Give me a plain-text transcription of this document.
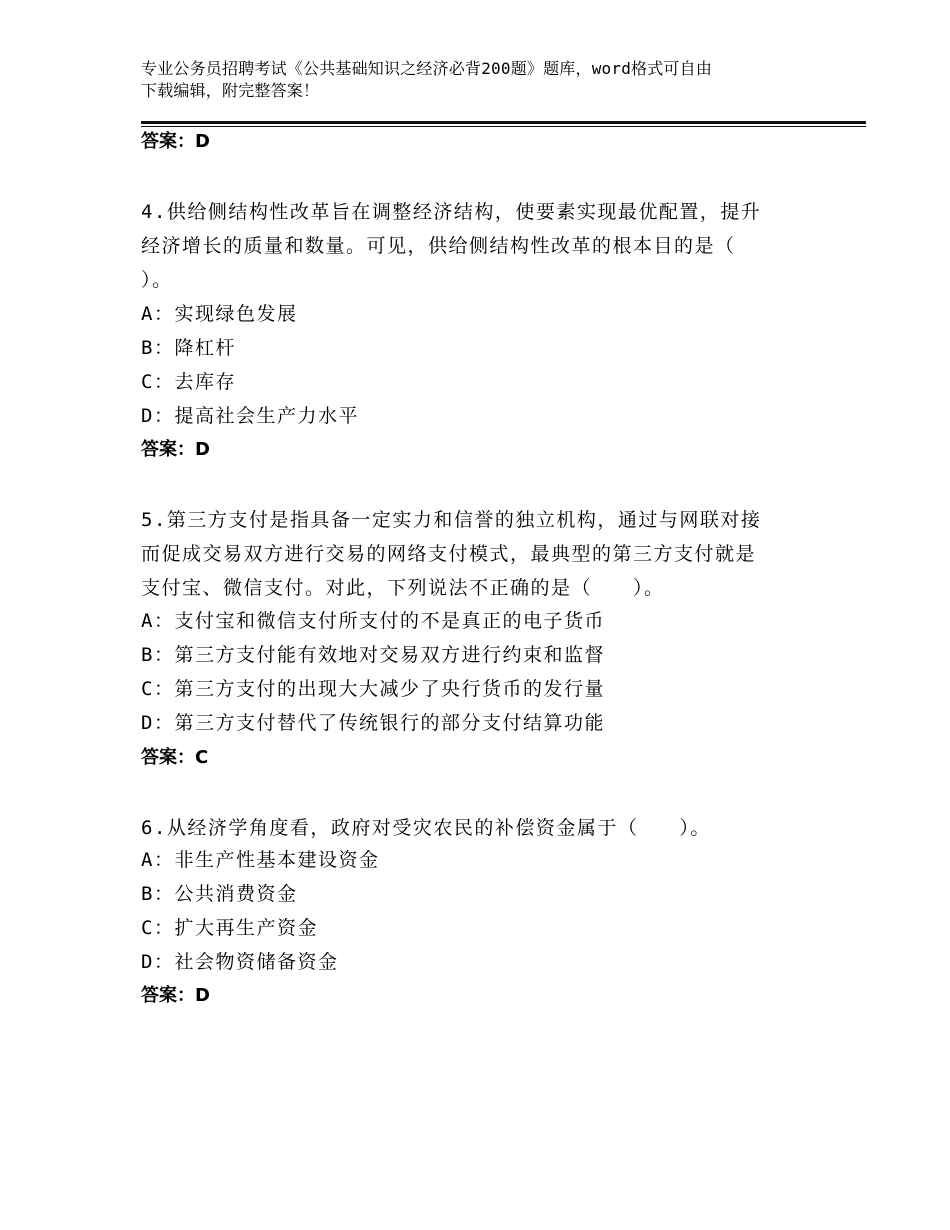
专业公务员招聘考试《公共基础知识之经济必背200题》题库，word格式可自由
下载编辑，附完整答案！
答案：D
4.供给侧结构性改革旨在调整经济结构，使要素实现最优配置，提升
经济增长的质量和数量。可见，供给侧结构性改革的根本目的是（
）。
A：实现绿色发展
B：降杠杆
C：去库存
D：提高社会生产力水平
答案：D
5.第三方支付是指具备一定实力和信誉的独立机构，通过与网联对接
而促成交易双方进行交易的网络支付模式，最典型的第三方支付就是
支付宝、微信支付。对此，下列说法不正确的是（　　）。
A：支付宝和微信支付所支付的不是真正的电子货币
B：第三方支付能有效地对交易双方进行约束和监督
C：第三方支付的出现大大减少了央行货币的发行量
D：第三方支付替代了传统银行的部分支付结算功能
答案：C
6.从经济学角度看，政府对受灾农民的补偿资金属于（　　）。
A：非生产性基本建设资金
B：公共消费资金
C：扩大再生产资金
D：社会物资储备资金
答案：D
